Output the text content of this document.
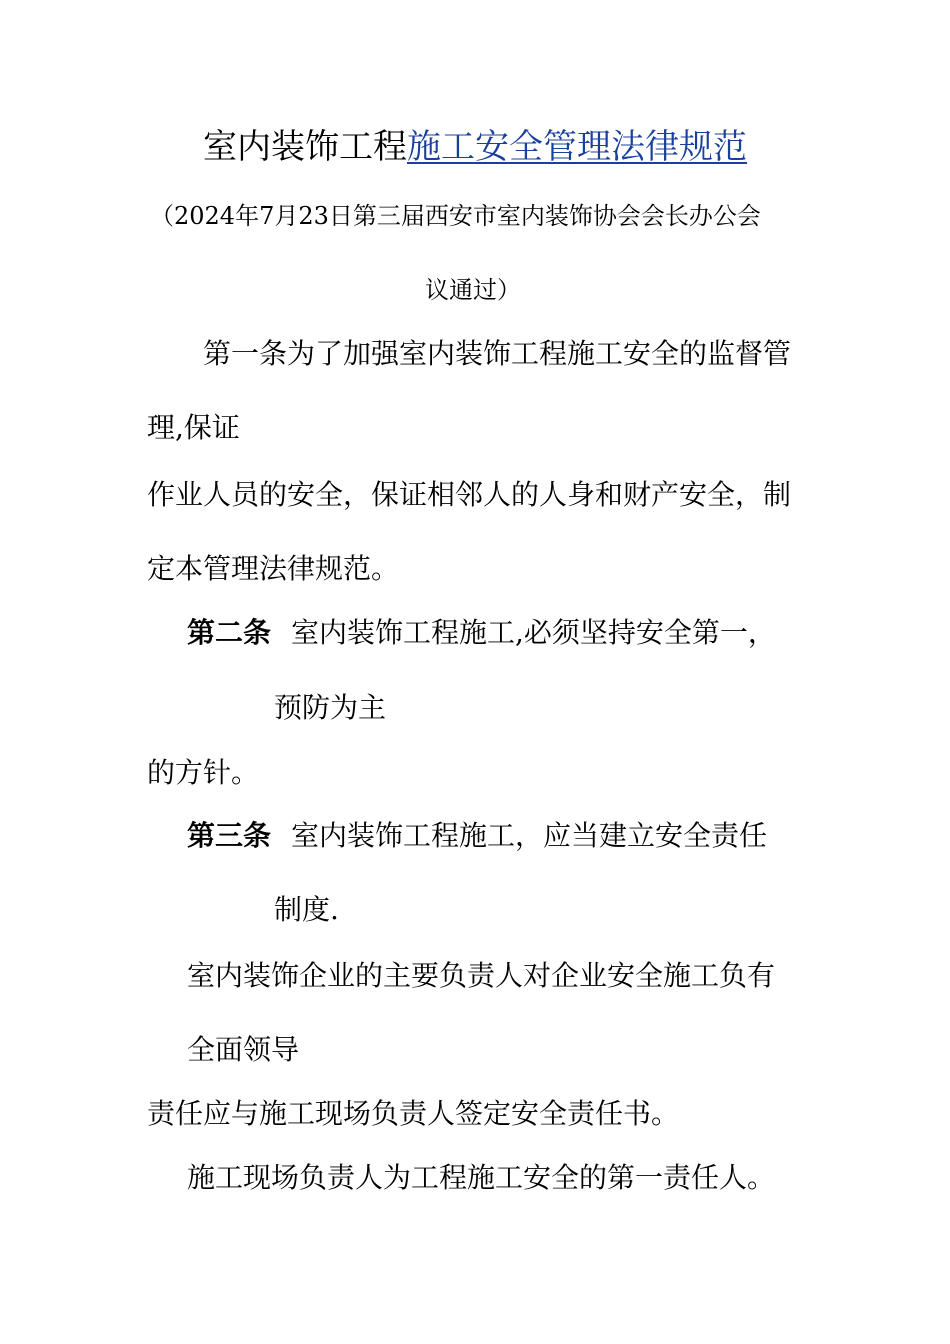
室内装饰工程施工安全管理法律规范
（2024年7月23日第三届西安市室内装饰协会会长办公会
议通过）
第一条为了加强室内装饰工程施工安全的监督管
理,保证
作业人员的安全，保证相邻人的人身和财产安全，制
定本管理法律规范。
第二条 室内装饰工程施工,必须坚持安全第一，
预防为主
的方针。
第三条 室内装饰工程施工，应当建立安全责任
制度.
室内装饰企业的主要负责人对企业安全施工负有
全面领导
责任应与施工现场负责人签定安全责任书。
施工现场负责人为工程施工安全的第一责任人。
